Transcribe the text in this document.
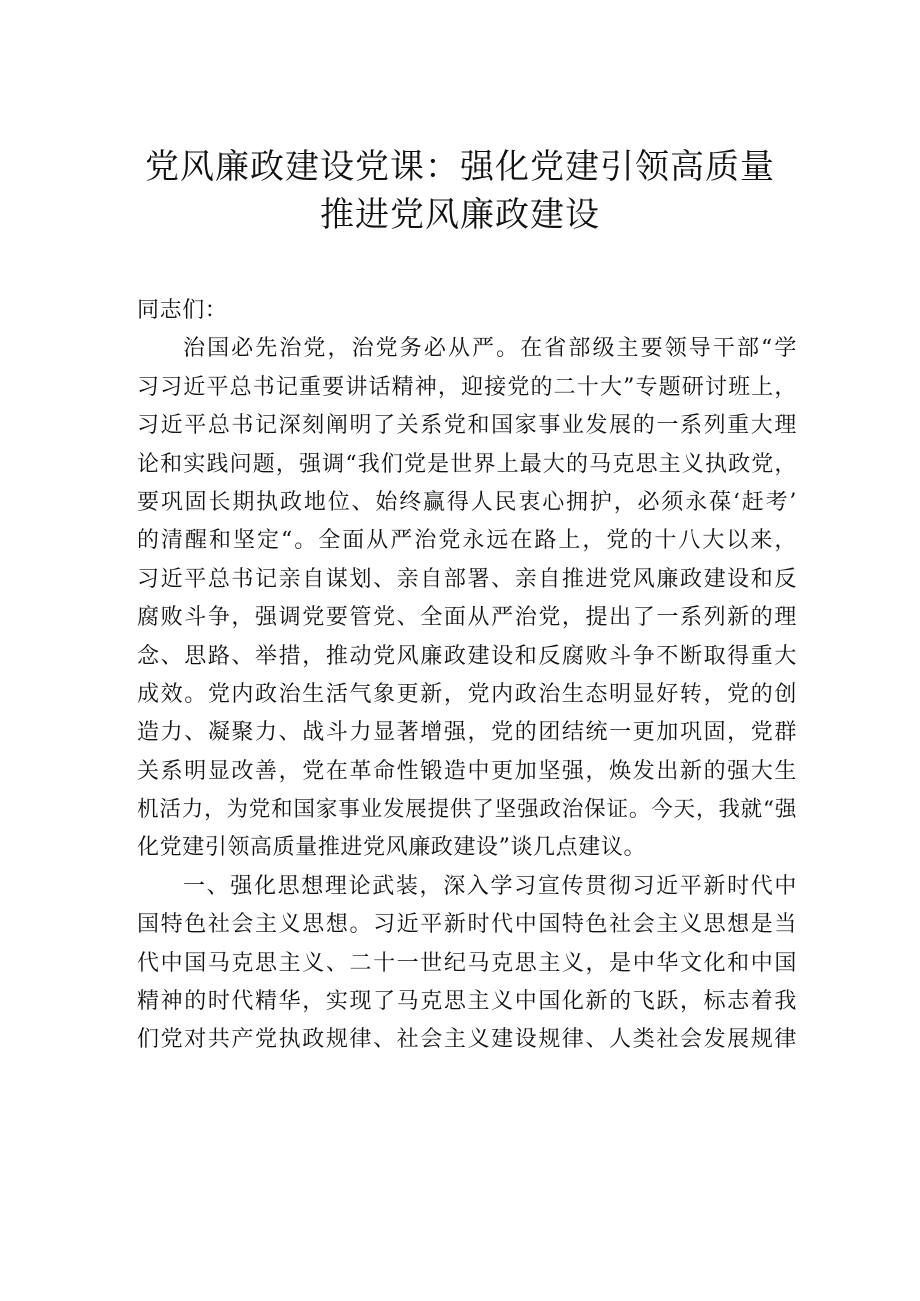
党风廉政建设党课：强化党建引领高质量
推进党风廉政建设
同志们：
治国必先治党，治党务必从严。在省部级主要领导干部“学
习习近平总书记重要讲话精神，迎接党的二十大”专题研讨班上，
习近平总书记深刻阐明了关系党和国家事业发展的一系列重大理
论和实践问题，强调“我们党是世界上最大的马克思主义执政党，
要巩固长期执政地位、始终赢得人民衷心拥护，必须永葆‘赶考’
的清醒和坚定“。全面从严治党永远在路上，党的十八大以来，
习近平总书记亲自谋划、亲自部署、亲自推进党风廉政建设和反
腐败斗争，强调党要管党、全面从严治党，提出了一系列新的理
念、思路、举措，推动党风廉政建设和反腐败斗争不断取得重大
成效。党内政治生活气象更新，党内政治生态明显好转，党的创
造力、凝聚力、战斗力显著增强，党的团结统一更加巩固，党群
关系明显改善，党在革命性锻造中更加坚强，焕发出新的强大生
机活力，为党和国家事业发展提供了坚强政治保证。今天，我就“强
化党建引领高质量推进党风廉政建设”谈几点建议。
一、强化思想理论武装，深入学习宣传贯彻习近平新时代中
国特色社会主义思想。习近平新时代中国特色社会主义思想是当
代中国马克思主义、二十一世纪马克思主义，是中华文化和中国
精神的时代精华，实现了马克思主义中国化新的飞跃，标志着我
们党对共产党执政规律、社会主义建设规律、人类社会发展规律
